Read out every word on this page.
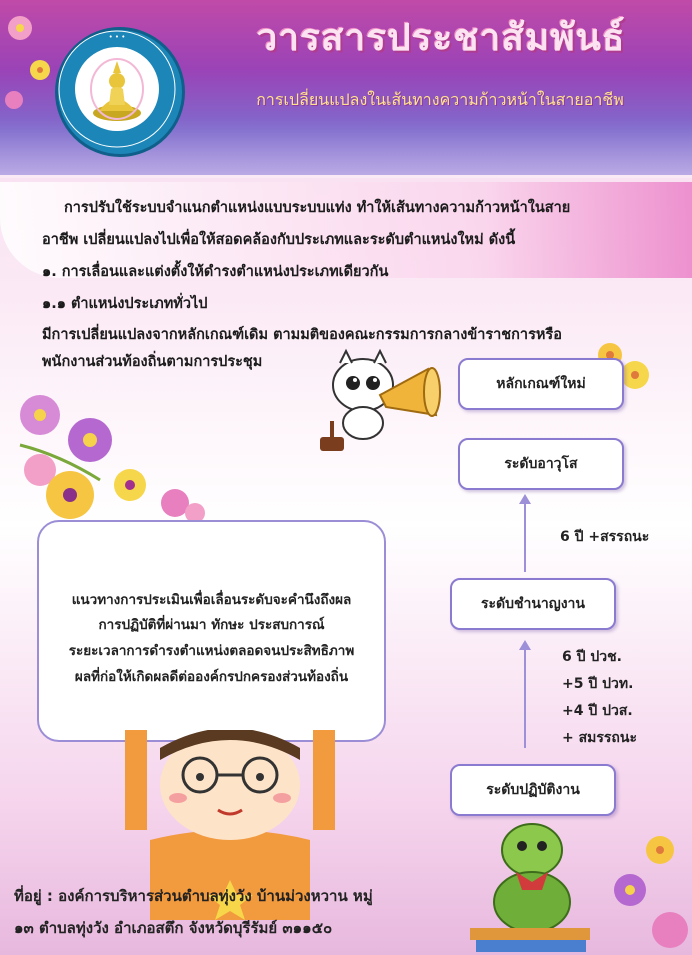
• • •	วารสารประชาสัมพันธ์
การเปลี่ยนแปลงในเส้นทางความก้าวหน้าในสายอาชีพ
การปรับใช้ระบบจำแนกตำแหน่งแบบระบบแท่ง ทำให้เส้นทางความก้าวหน้าในสาย
อาชีพ เปลี่ยนแปลงไปเพื่อให้สอดคล้องกับประเภทและระดับตำแหน่งใหม่ ดังนี้
๑. การเลื่อนและแต่งตั้งให้ดำรงตำแหน่งประเภทเดียวกัน
๑.๑ ตำแหน่งประเภททั่วไป
มีการเปลี่ยนแปลงจากหลักเกณฑ์เดิม ตามมติของคณะกรรมการกลางข้าราชการหรือ
พนักงานส่วนท้องถิ่นตามการประชุม
หลักเกณฑ์ใหม่
ระดับอาวุโส
6 ปี +สรรถนะ
ระดับชำนาญงาน
6 ปี ปวช.
+5 ปี ปวท.
+4 ปี ปวส.
+ สมรรถนะ
ระดับปฏิบัติงาน
แนวทางการประเมินเพื่อเลื่อนระดับจะคำนึงถึงผล
การปฏิบัติที่ผ่านมา ทักษะ ประสบการณ์
ระยะเวลาการดำรงตำแหน่งตลอดจนประสิทธิภาพ
ผลที่ก่อให้เกิดผลดีต่อองค์กรปกครองส่วนท้องถิ่น
ที่อยู่ : องค์การบริหารส่วนตำบลทุ่งวัง บ้านม่วงหวาน หมู่
๑๓ ตำบลทุ่งวัง อำเภอสตึก จังหวัดบุรีรัมย์ ๓๑๑๕๐
